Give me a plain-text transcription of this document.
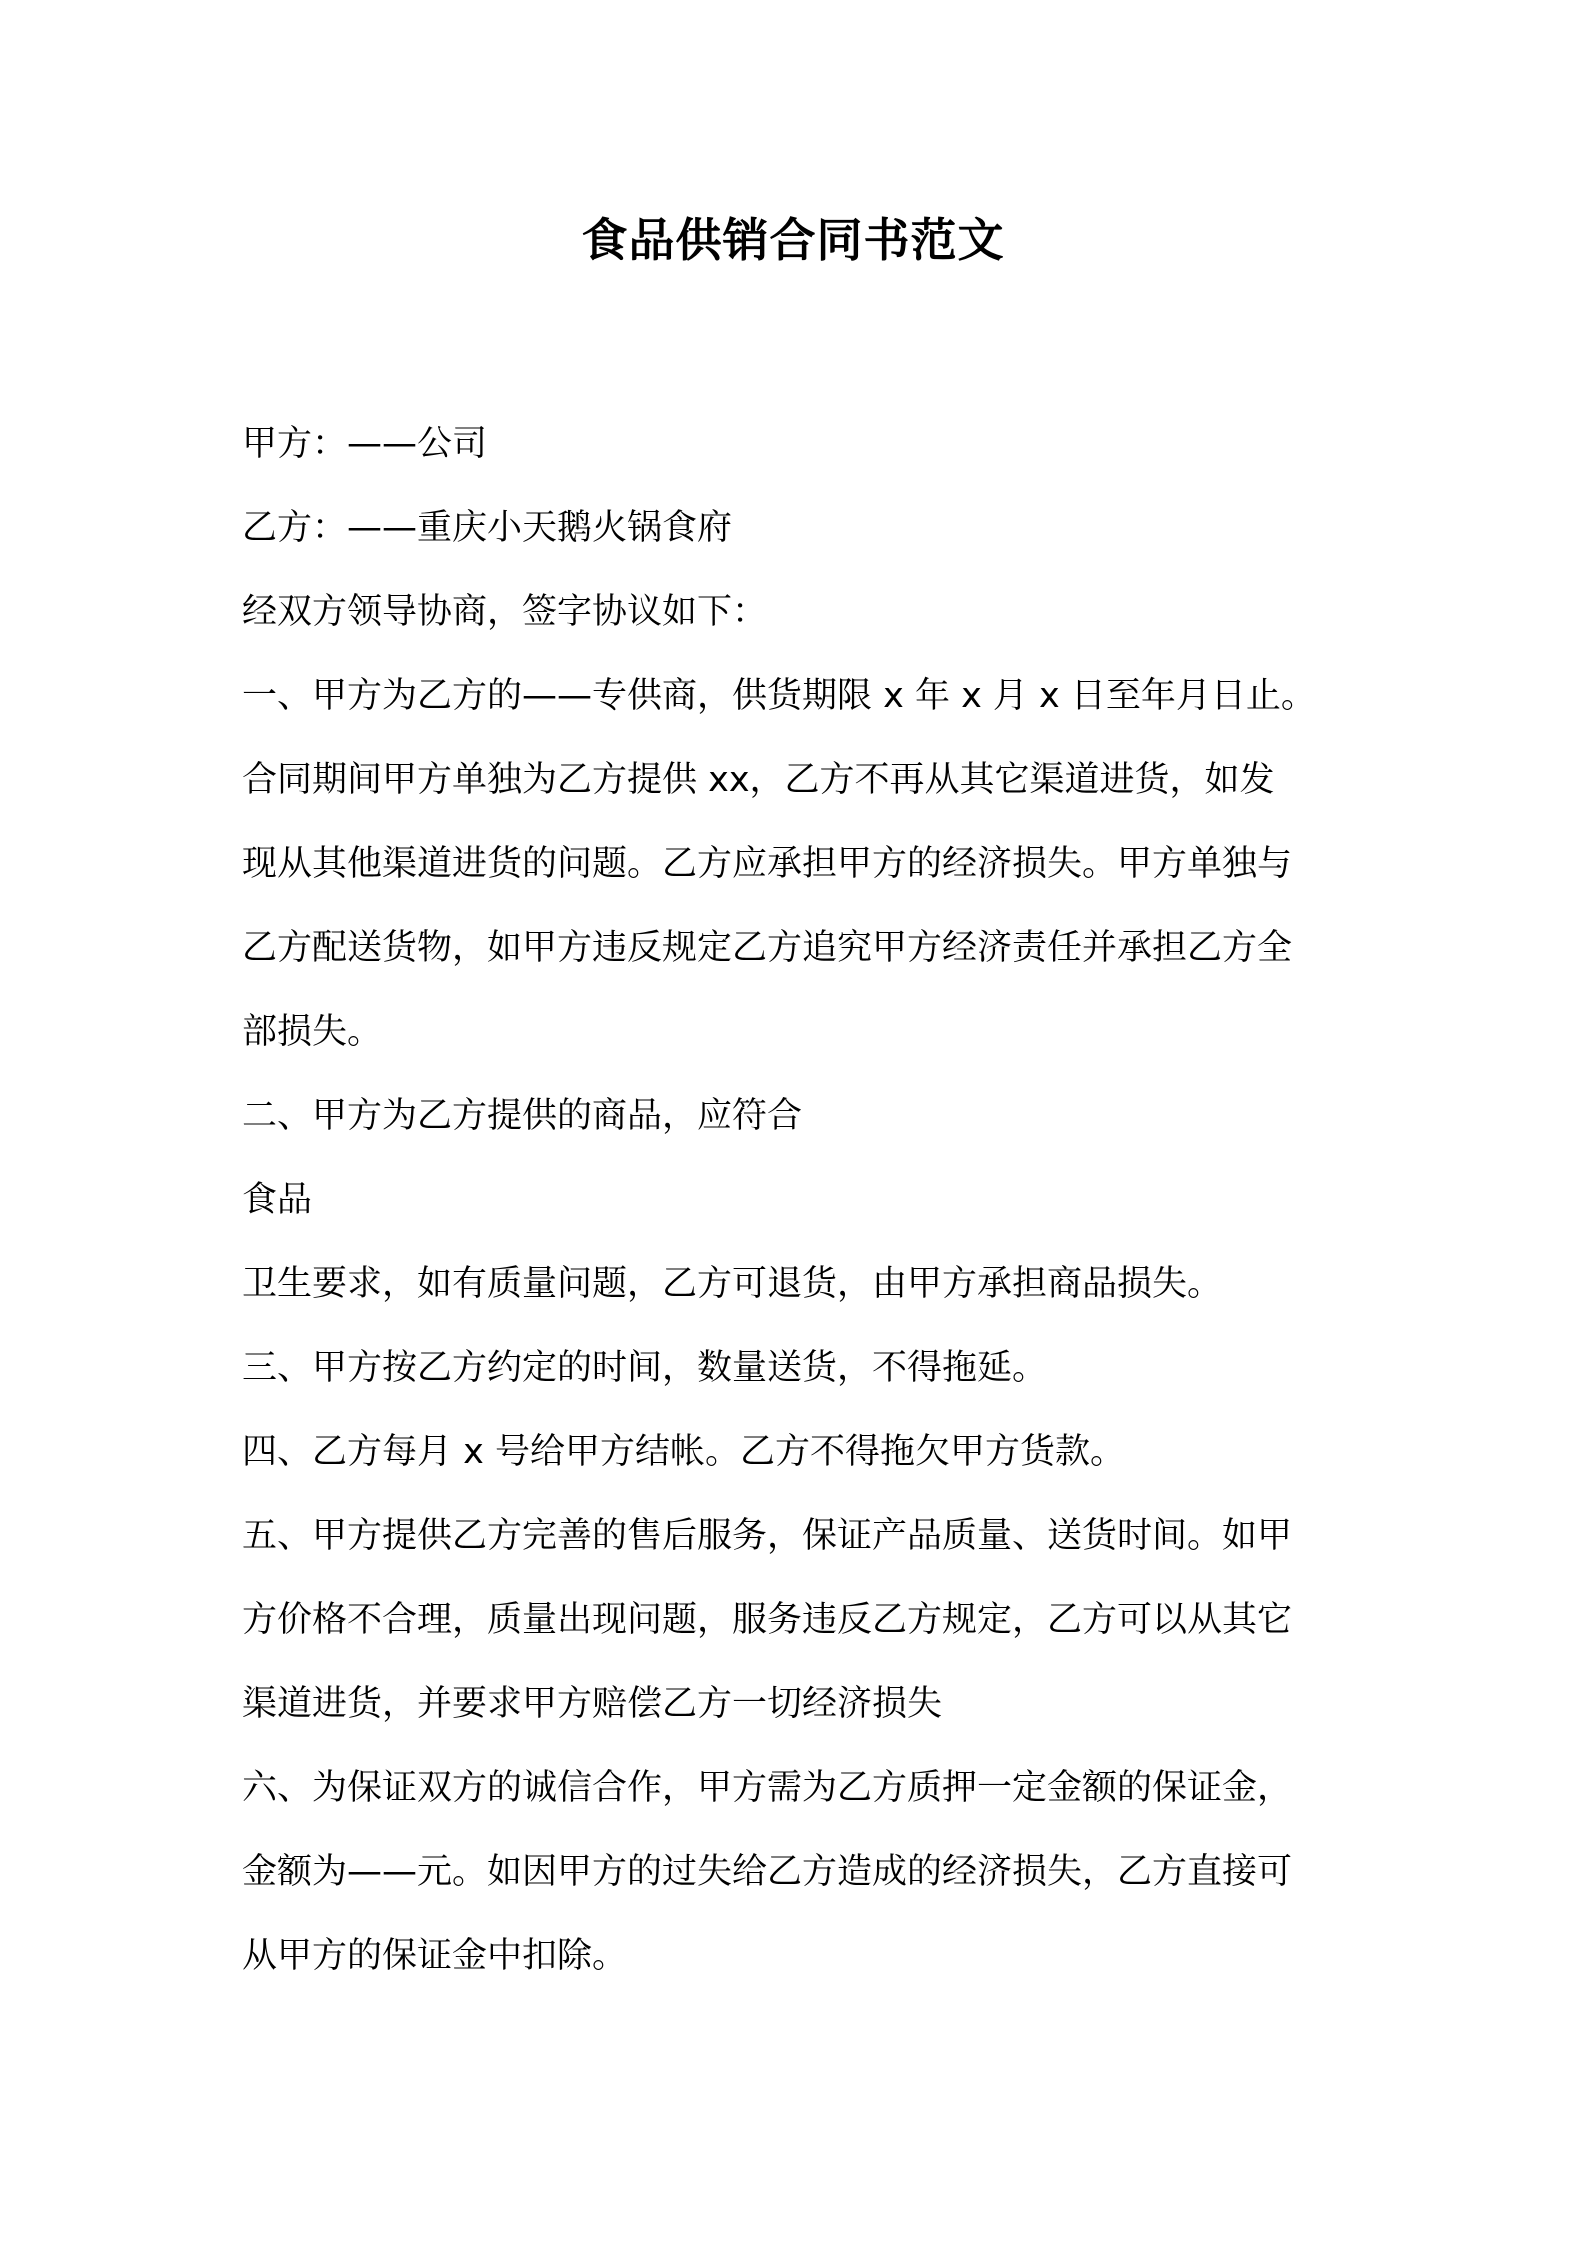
食品供销合同书范文
甲方：——公司
乙方：——重庆小天鹅火锅食府
经双方领导协商，签字协议如下：
一、甲方为乙方的——专供商，供货期限 x 年 x 月 x 日至年月日止。
合同期间甲方单独为乙方提供 xx，乙方不再从其它渠道进货，如发
现从其他渠道进货的问题。乙方应承担甲方的经济损失。甲方单独与
乙方配送货物，如甲方违反规定乙方追究甲方经济责任并承担乙方全
部损失。
二、甲方为乙方提供的商品，应符合
食品
卫生要求，如有质量问题，乙方可退货，由甲方承担商品损失。
三、甲方按乙方约定的时间，数量送货，不得拖延。
四、乙方每月 x 号给甲方结帐。乙方不得拖欠甲方货款。
五、甲方提供乙方完善的售后服务，保证产品质量、送货时间。如甲
方价格不合理，质量出现问题，服务违反乙方规定，乙方可以从其它
渠道进货，并要求甲方赔偿乙方一切经济损失
六、为保证双方的诚信合作，甲方需为乙方质押一定金额的保证金，
金额为——元。如因甲方的过失给乙方造成的经济损失，乙方直接可
从甲方的保证金中扣除。
